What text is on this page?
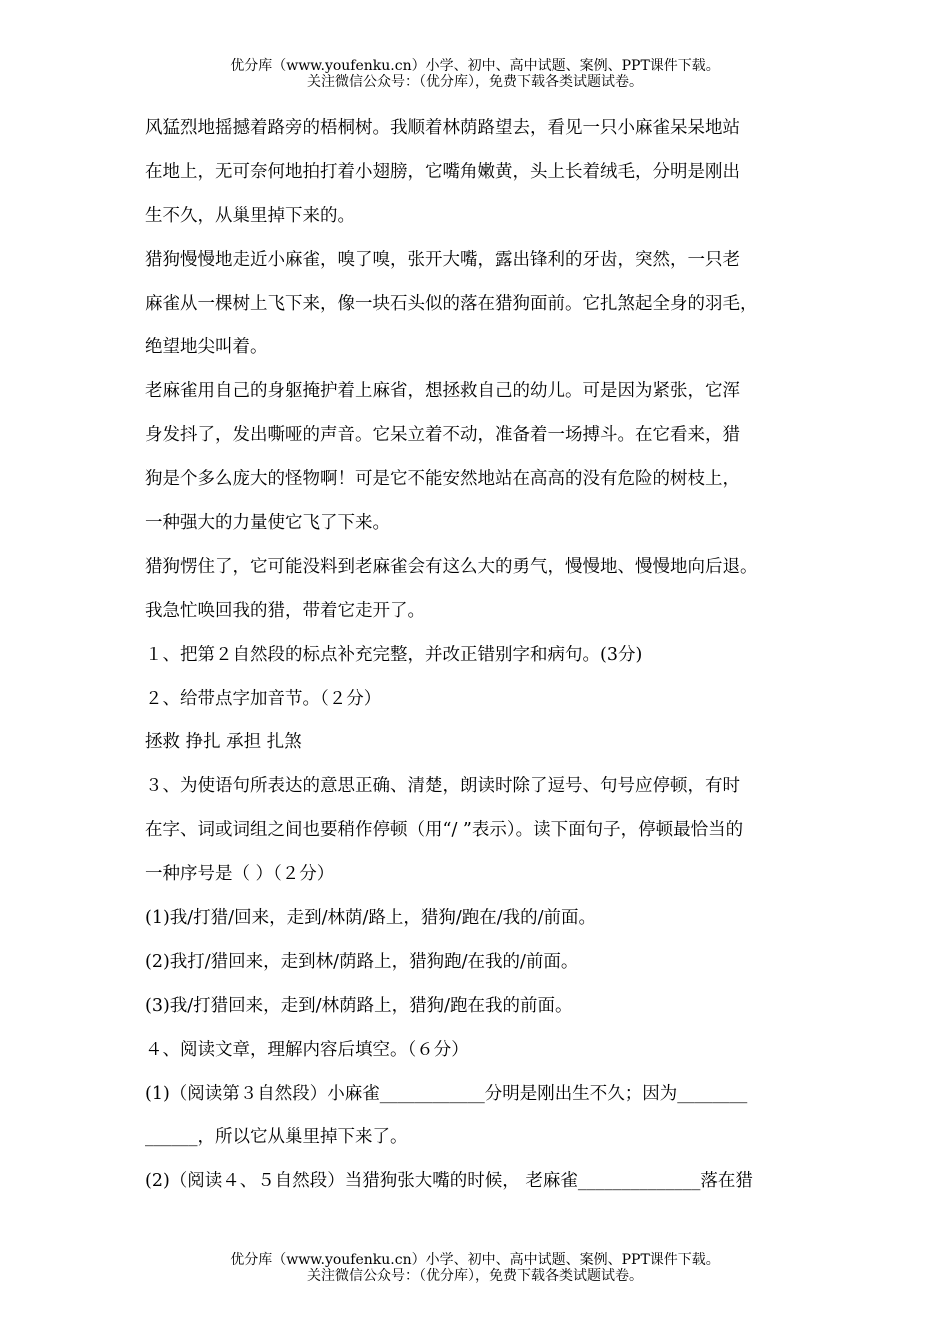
优分库（www.youfenku.cn）小学、初中、高中试题、案例、PPT课件下载。
关注微信公众号：（优分库），免费下载各类试题试卷。
风猛烈地摇撼着路旁的梧桐树。我顺着林荫路望去，看见一只小麻雀呆呆地站
在地上，无可奈何地拍打着小翅膀，它嘴角嫩黄，头上长着绒毛，分明是刚出
生不久，从巢里掉下来的。
猎狗慢慢地走近小麻雀，嗅了嗅，张开大嘴，露出锋利的牙齿，突然，一只老
麻雀从一棵树上飞下来，像一块石头似的落在猎狗面前。它扎煞起全身的羽毛，
绝望地尖叫着。
老麻雀用自己的身躯掩护着上麻省，想拯救自己的幼儿。可是因为紧张，它浑
身发抖了，发出嘶哑的声音。它呆立着不动，准备着一场搏斗。在它看来，猎
狗是个多么庞大的怪物啊！可是它不能安然地站在高高的没有危险的树枝上，
一种强大的力量使它飞了下来。
猎狗愣住了，它可能没料到老麻雀会有这么大的勇气，慢慢地、慢慢地向后退。
我急忙唤回我的猎，带着它走开了。
１、把第２自然段的标点补充完整，并改正错别字和病句。(3分)
２、给带点字加音节。（２分）
拯救 挣扎 承担 扎煞
３、为使语句所表达的意思正确、清楚，朗读时除了逗号、句号应停顿，有时
在字、词或词组之间也要稍作停顿（用“/ ”表示）。读下面句子，停顿最恰当的
一种序号是（ ）（２分）
(1)我/打猎/回来，走到/林荫/路上，猎狗/跑在/我的/前面。
(2)我打/猎回来，走到林/荫路上，猎狗跑/在我的/前面。
(3)我/打猎回来，走到/林荫路上，猎狗/跑在我的前面。
４、阅读文章，理解内容后填空。（６分）
(1)（阅读第３自然段）小麻雀____________分明是刚出生不久；因为________
______，所以它从巢里掉下来了。
(2)（阅读４、５自然段）当猎狗张大嘴的时候， 老麻雀______________落在猎
优分库（www.youfenku.cn）小学、初中、高中试题、案例、PPT课件下载。
关注微信公众号：（优分库），免费下载各类试题试卷。
